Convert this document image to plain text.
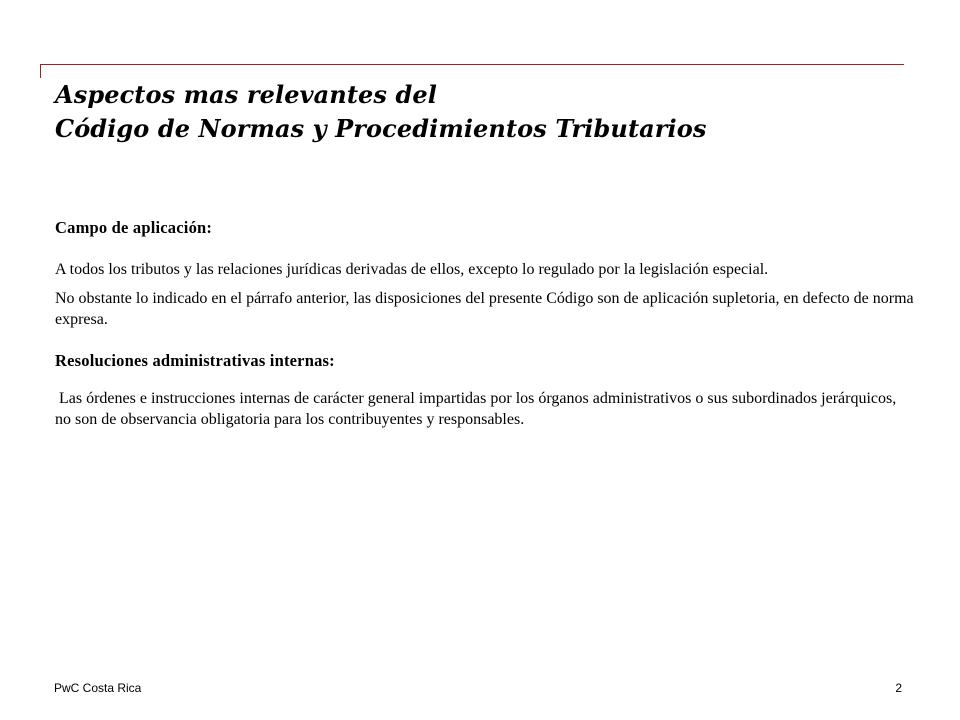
Aspectos mas relevantes del
Código de Normas y Procedimientos Tributarios

Campo de aplicación:

A todos los tributos y las relaciones jurídicas derivadas de ellos, excepto lo regulado por la legislación especial.

No obstante lo indicado en el párrafo anterior, las disposiciones del presente Código son de aplicación supletoria, en defecto de norma expresa.

Resoluciones administrativas internas:

Las órdenes e instrucciones internas de carácter general impartidas por los órganos administrativos o sus subordinados jerárquicos, no son de observancia obligatoria para los contribuyentes y responsables.

PwC Costa Rica	2
